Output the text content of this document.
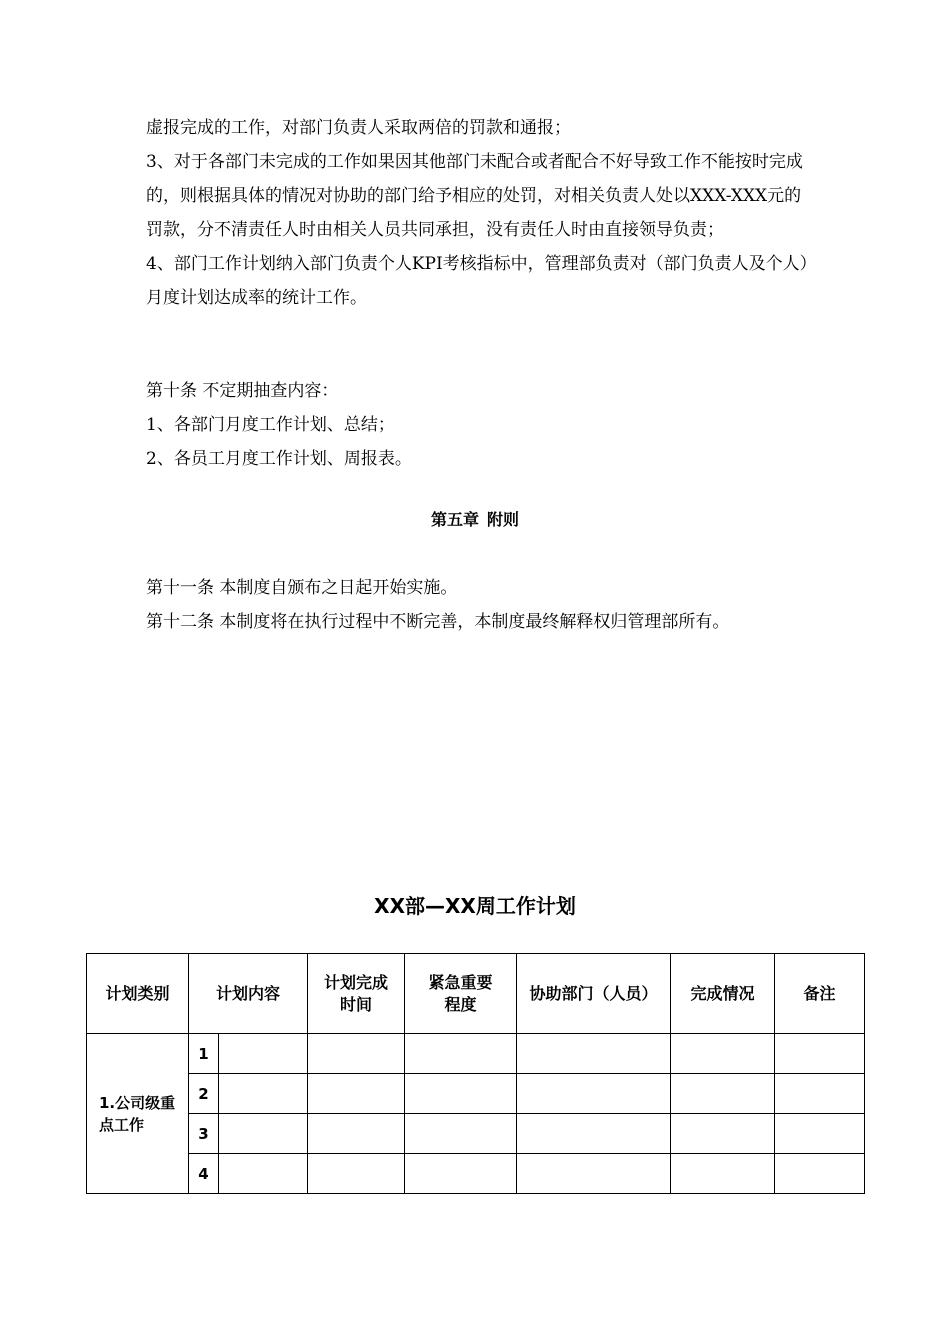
虚报完成的工作，对部门负责人采取两倍的罚款和通报；

3、对于各部门未完成的工作如果因其他部门未配合或者配合不好导致工作不能按时完成的，则根据具体的情况对协助的部门给予相应的处罚，对相关负责人处以XXX-XXX元的罚款，分不清责任人时由相关人员共同承担，没有责任人时由直接领导负责；

4、部门工作计划纳入部门负责个人KPI考核指标中，管理部负责对（部门负责人及个人）月度计划达成率的统计工作。

第十条 不定期抽查内容：

1、各部门月度工作计划、总结；

2、各员工月度工作计划、周报表。

第五章 附则

第十一条 本制度自颁布之日起开始实施。

第十二条 本制度将在执行过程中不断完善，本制度最终解释权归管理部所有。

XX部—XX周工作计划
计划类别	计划内容		计划完成时间	紧急重要程度	协助部门（人员）	完成情况	备注
1.公司级重点工作	1						
	2						
	3						
	4						
